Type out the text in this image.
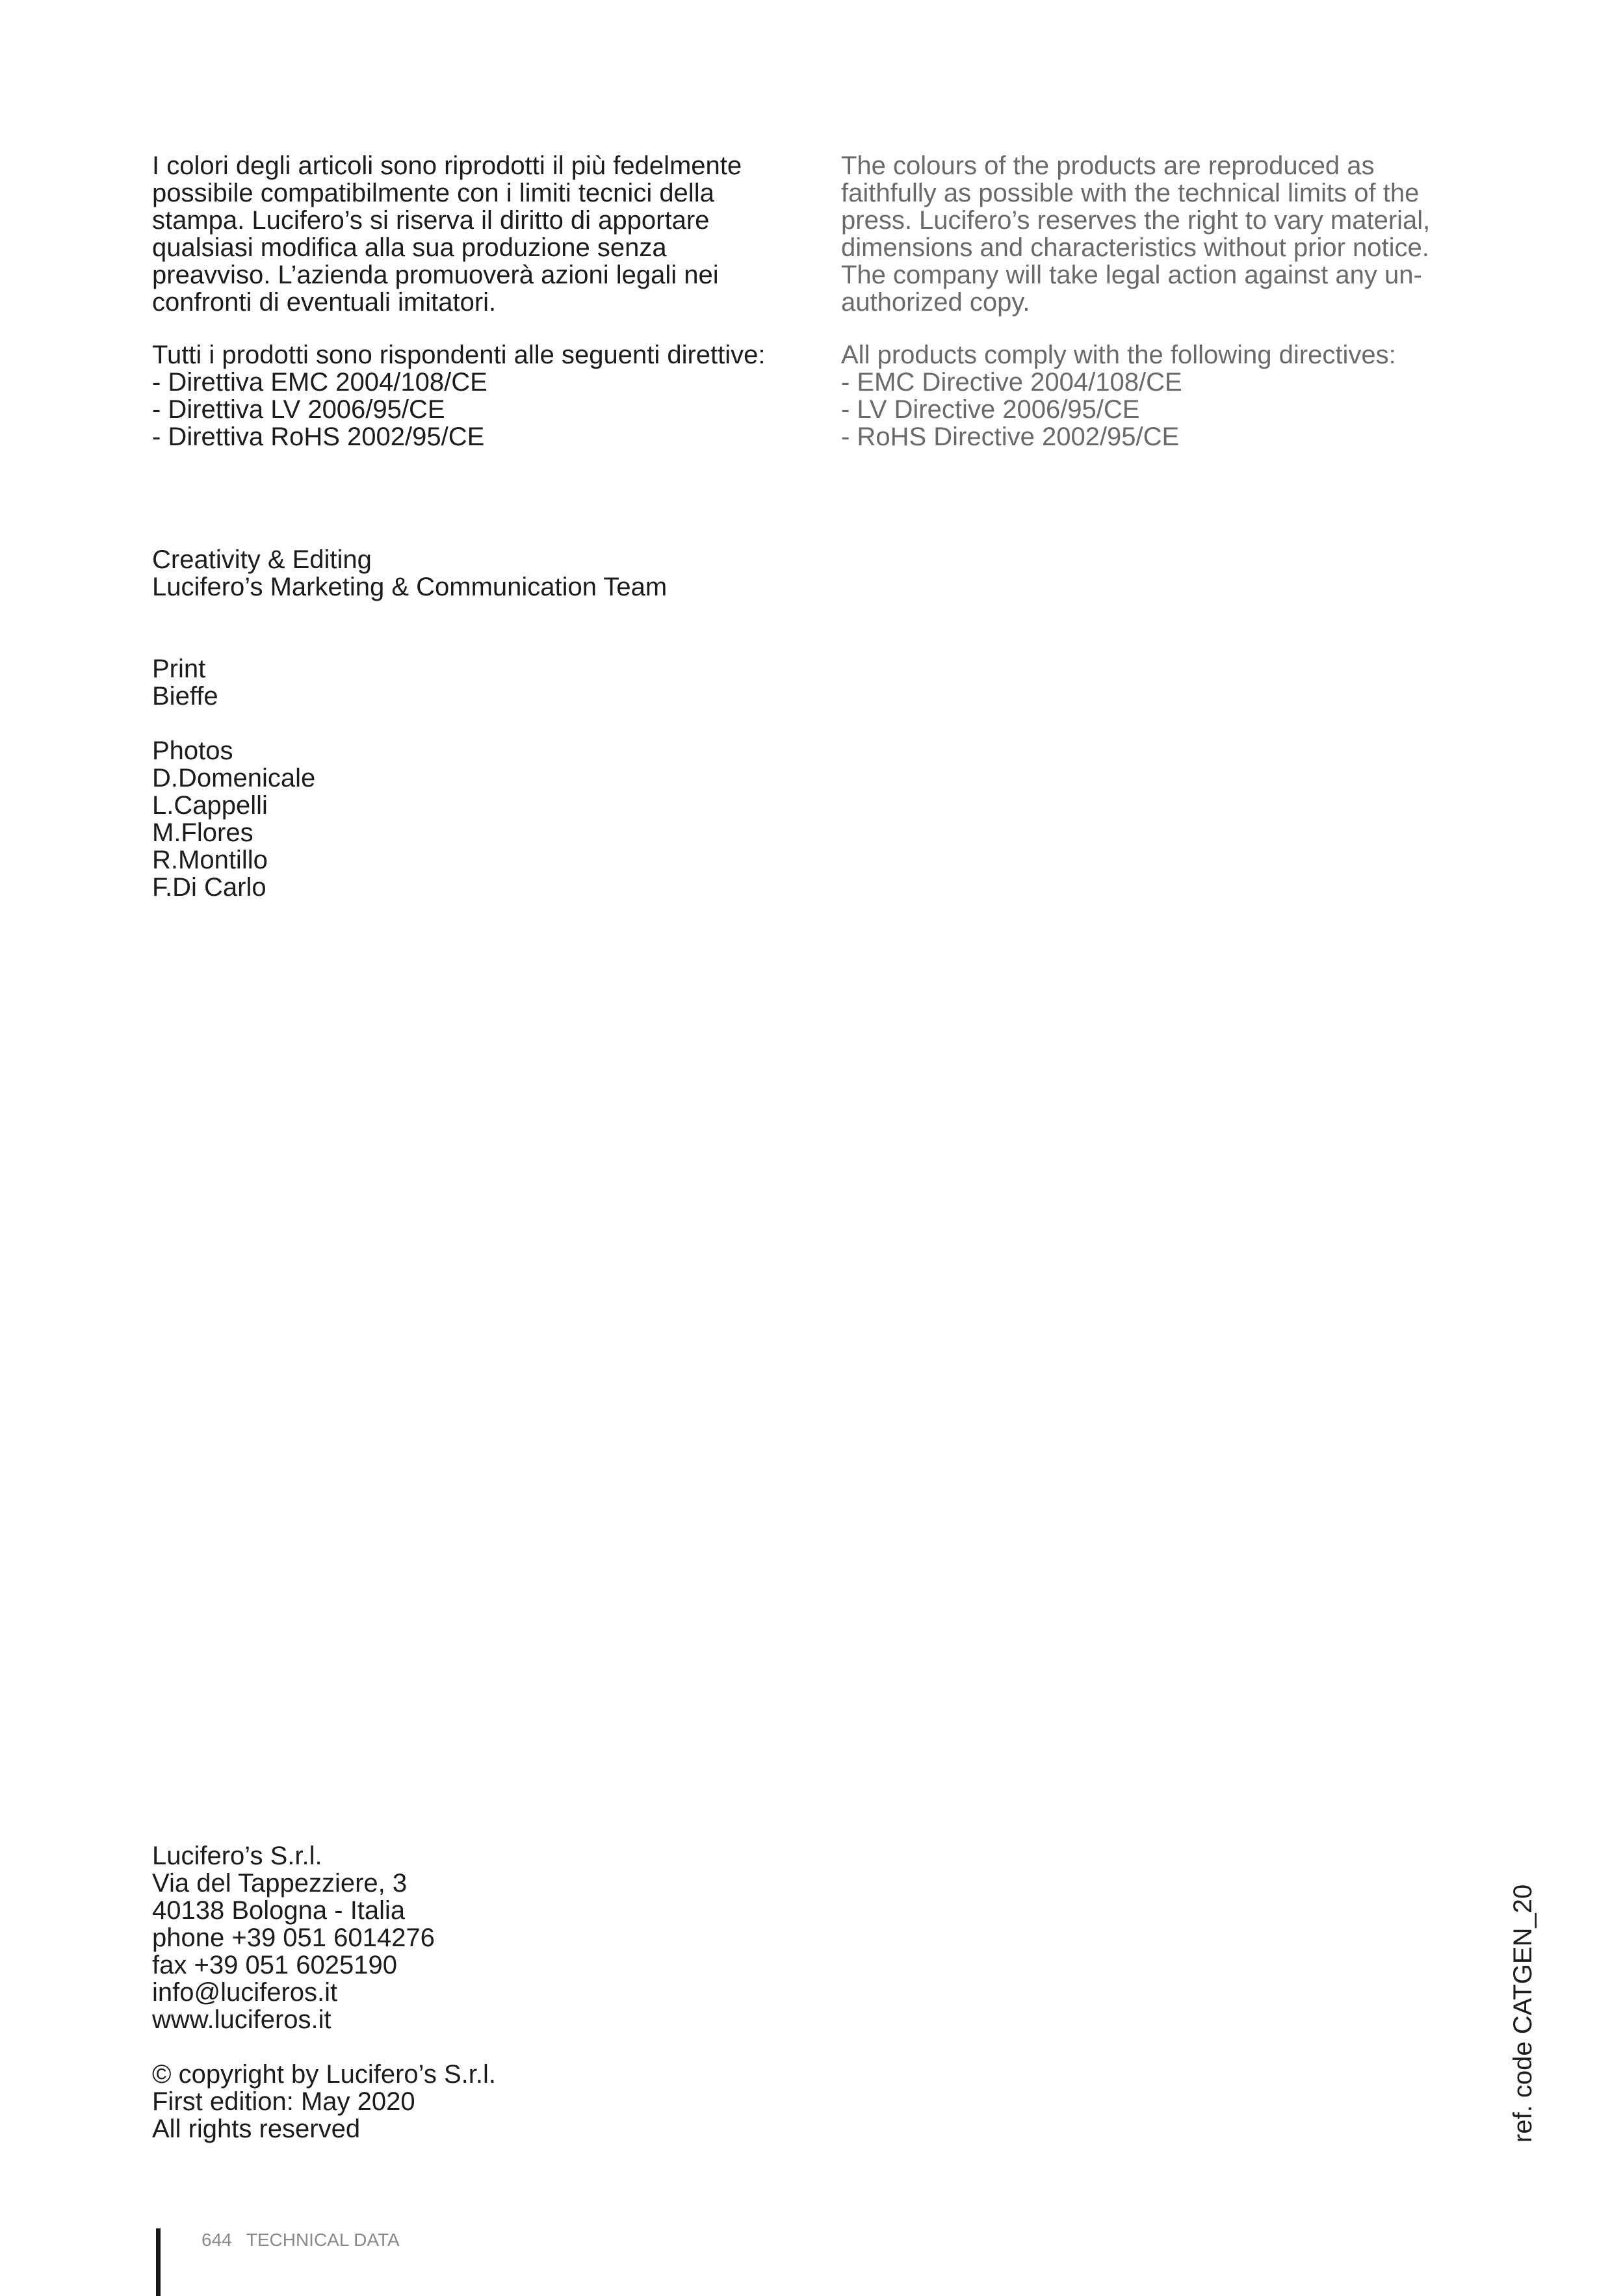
I colori degli articoli sono riprodotti il più fedelmente
possibile compatibilmente con i limiti tecnici della
stampa. Lucifero’s si riserva il diritto di apportare
qualsiasi modifica alla sua produzione senza
preavviso. L’azienda promuoverà azioni legali nei
confronti di eventuali imitatori.
The colours of the products are reproduced as
faithfully as possible with the technical limits of the
press. Lucifero’s reserves the right to vary material,
dimensions and characteristics without prior notice.
The company will take legal action against any un-
authorized copy.
Tutti i prodotti sono rispondenti alle seguenti direttive:
- Direttiva EMC 2004/108/CE
- Direttiva LV 2006/95/CE
- Direttiva RoHS 2002/95/CE
All products comply with the following directives:
- EMC Directive 2004/108/CE
- LV Directive 2006/95/CE
- RoHS Directive 2002/95/CE
Creativity & Editing
Lucifero’s Marketing & Communication Team
Print
Bieffe
Photos
D.Domenicale
L.Cappelli
M.Flores
R.Montillo
F.Di Carlo
Lucifero’s S.r.l.
Via del Tappezziere, 3
40138 Bologna - Italia
phone +39 051 6014276
fax +39 051 6025190
info@luciferos.it
www.luciferos.it
© copyright by Lucifero’s S.r.l.
First edition: May 2020
All rights reserved	ref. code CATGEN_20

644 TECHNICAL DATA
